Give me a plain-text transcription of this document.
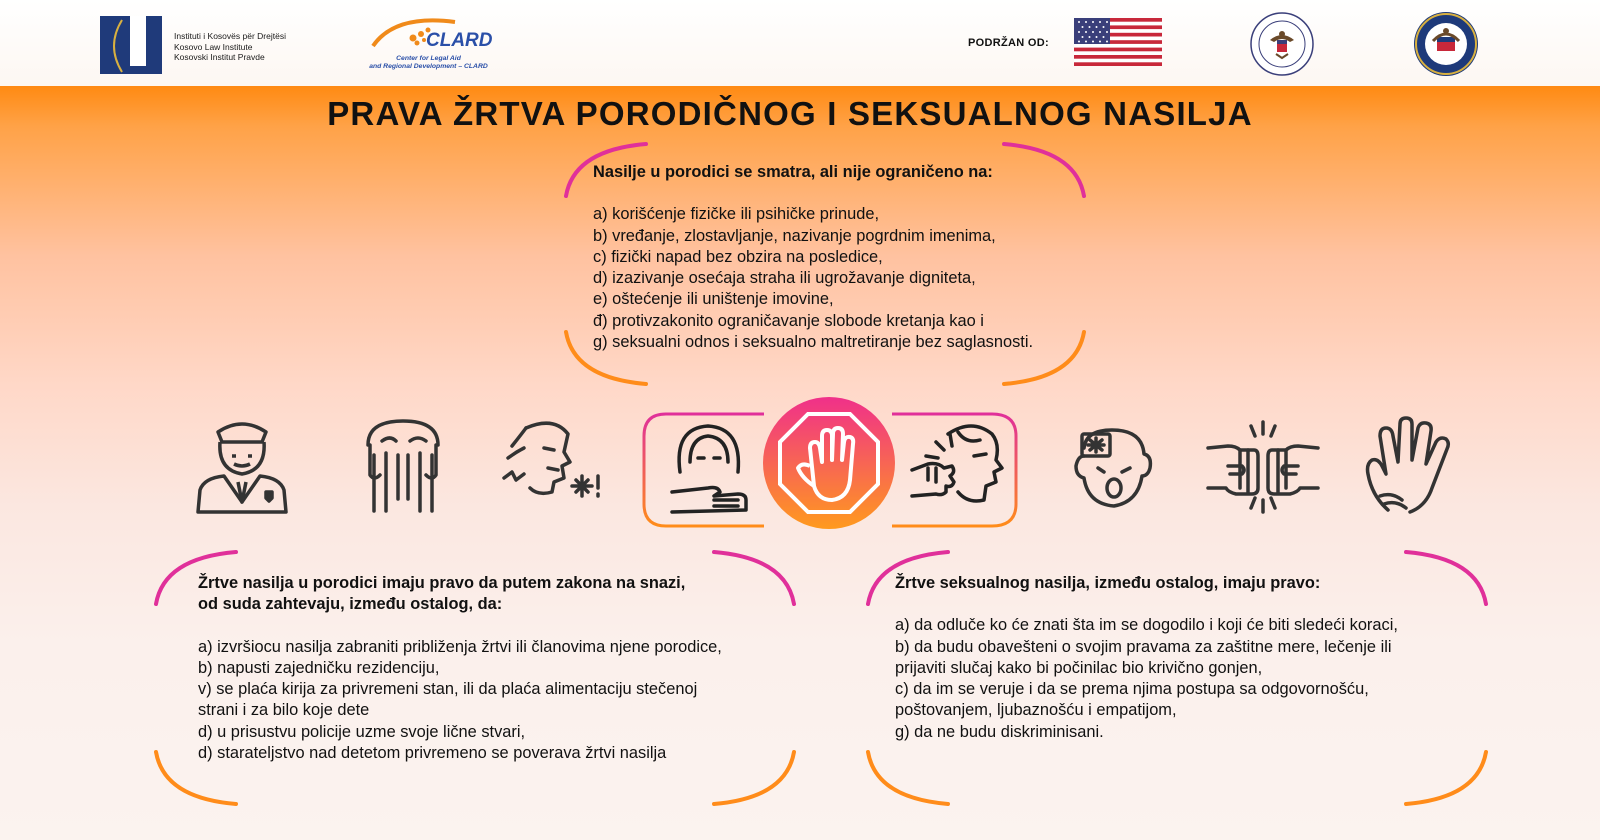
Instituti i Kosovës për Drejtësi
Kosovo Law Institute
Kosovski Institut Pravde
CLARD
Center for Legal Aid
and Regional Development – CLARD
PODRŽAN OD:
PRAVA ŽRTVA PORODIČNOG I SEKSUALNOG NASILJA
Nasilje u porodici se smatra, ali nije ograničeno na:
a) korišćenje fizičke ili psihičke prinude,
b) vređanje, zlostavljanje, nazivanje pogrdnim imenima,
c) fizički napad bez obzira na posledice,
d) izazivanje osećaja straha ili ugrožavanje digniteta,
e) oštećenje ili uništenje imovine,
đ) protivzakonito ograničavanje slobode kretanja kao i
g) seksualni odnos i seksualno maltretiranje bez saglasnosti.
Žrtve nasilja u porodici imaju pravo da putem zakona na snazi,
od suda zahtevaju, između ostalog, da:
a) izvršiocu nasilja zabraniti približenja žrtvi ili članovima njene porodice,
b) napusti zajedničku rezidenciju,
v) se plaća kirija za privremeni stan, ili da plaća alimentaciju stečenoj
strani i za bilo koje dete
d) u prisustvu policije uzme svoje lične stvari,
d) starateljstvo nad detetom privremeno se poverava žrtvi nasilja
Žrtve seksualnog nasilja, između ostalog, imaju pravo:
a) da odluče ko će znati šta im se dogodilo i koji će biti sledeći koraci,
b) da budu obavešteni o svojim pravama za zaštitne mere, lečenje ili
prijaviti slučaj kako bi počinilac bio krivično gonjen,
c) da im se veruje i da se prema njima postupa sa odgovornošću,
poštovanjem, ljubaznošću i empatijom,
g) da ne budu diskriminisani.
